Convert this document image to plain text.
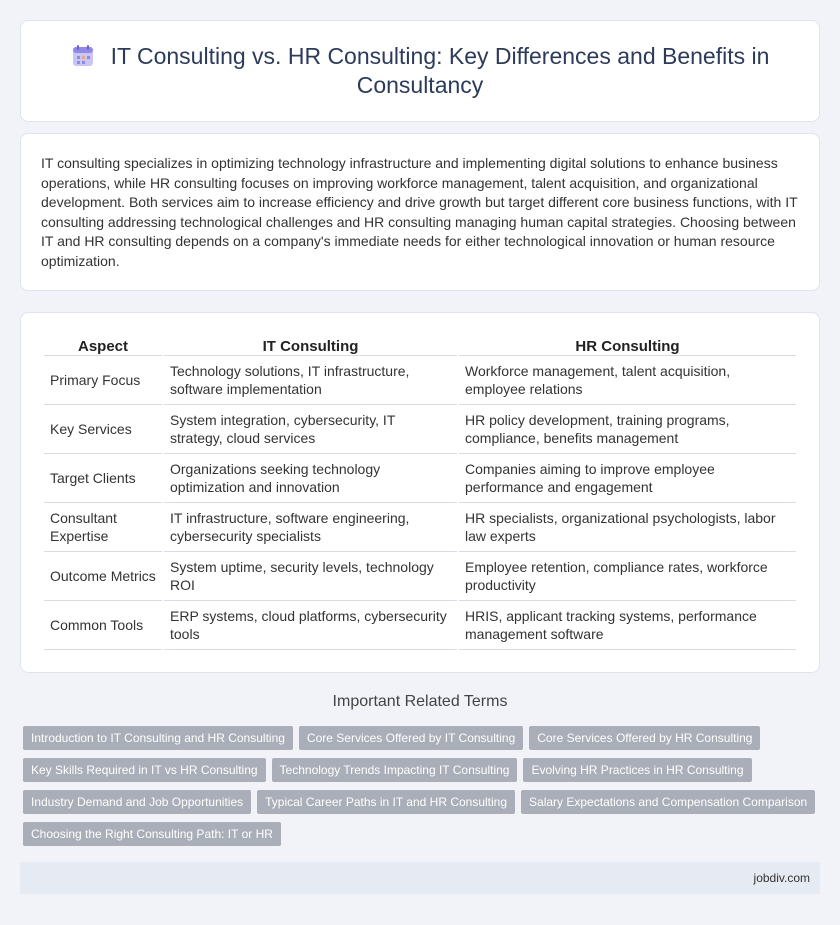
IT Consulting vs. HR Consulting: Key Differences and Benefits in Consultancy

IT consulting specializes in optimizing technology infrastructure and implementing digital solutions to enhance business operations, while HR consulting focuses on improving workforce management, talent acquisition, and organizational development. Both services aim to increase efficiency and drive growth but target different core business functions, with IT consulting addressing technological challenges and HR consulting managing human capital strategies. Choosing between IT and HR consulting depends on a company's immediate needs for either technological innovation or human resource optimization.

Aspect	IT Consulting	HR Consulting
Primary Focus	Technology solutions, IT infrastructure, software implementation	Workforce management, talent acquisition, employee relations
Key Services	System integration, cybersecurity, IT strategy, cloud services	HR policy development, training programs, compliance, benefits management
Target Clients	Organizations seeking technology optimization and innovation	Companies aiming to improve employee performance and engagement
Consultant Expertise	IT infrastructure, software engineering, cybersecurity specialists	HR specialists, organizational psychologists, labor law experts
Outcome Metrics	System uptime, security levels, technology ROI	Employee retention, compliance rates, workforce productivity
Common Tools	ERP systems, cloud platforms, cybersecurity tools	HRIS, applicant tracking systems, performance management software
Important Related Terms
Introduction to IT Consulting and HR Consulting	Core Services Offered by IT Consulting	Core Services Offered by HR Consulting
Key Skills Required in IT vs HR Consulting	Technology Trends Impacting IT Consulting	Evolving HR Practices in HR Consulting
Industry Demand and Job Opportunities	Typical Career Paths in IT and HR Consulting	Salary Expectations and Compensation Comparison
Choosing the Right Consulting Path: IT or HR
jobdiv.com
